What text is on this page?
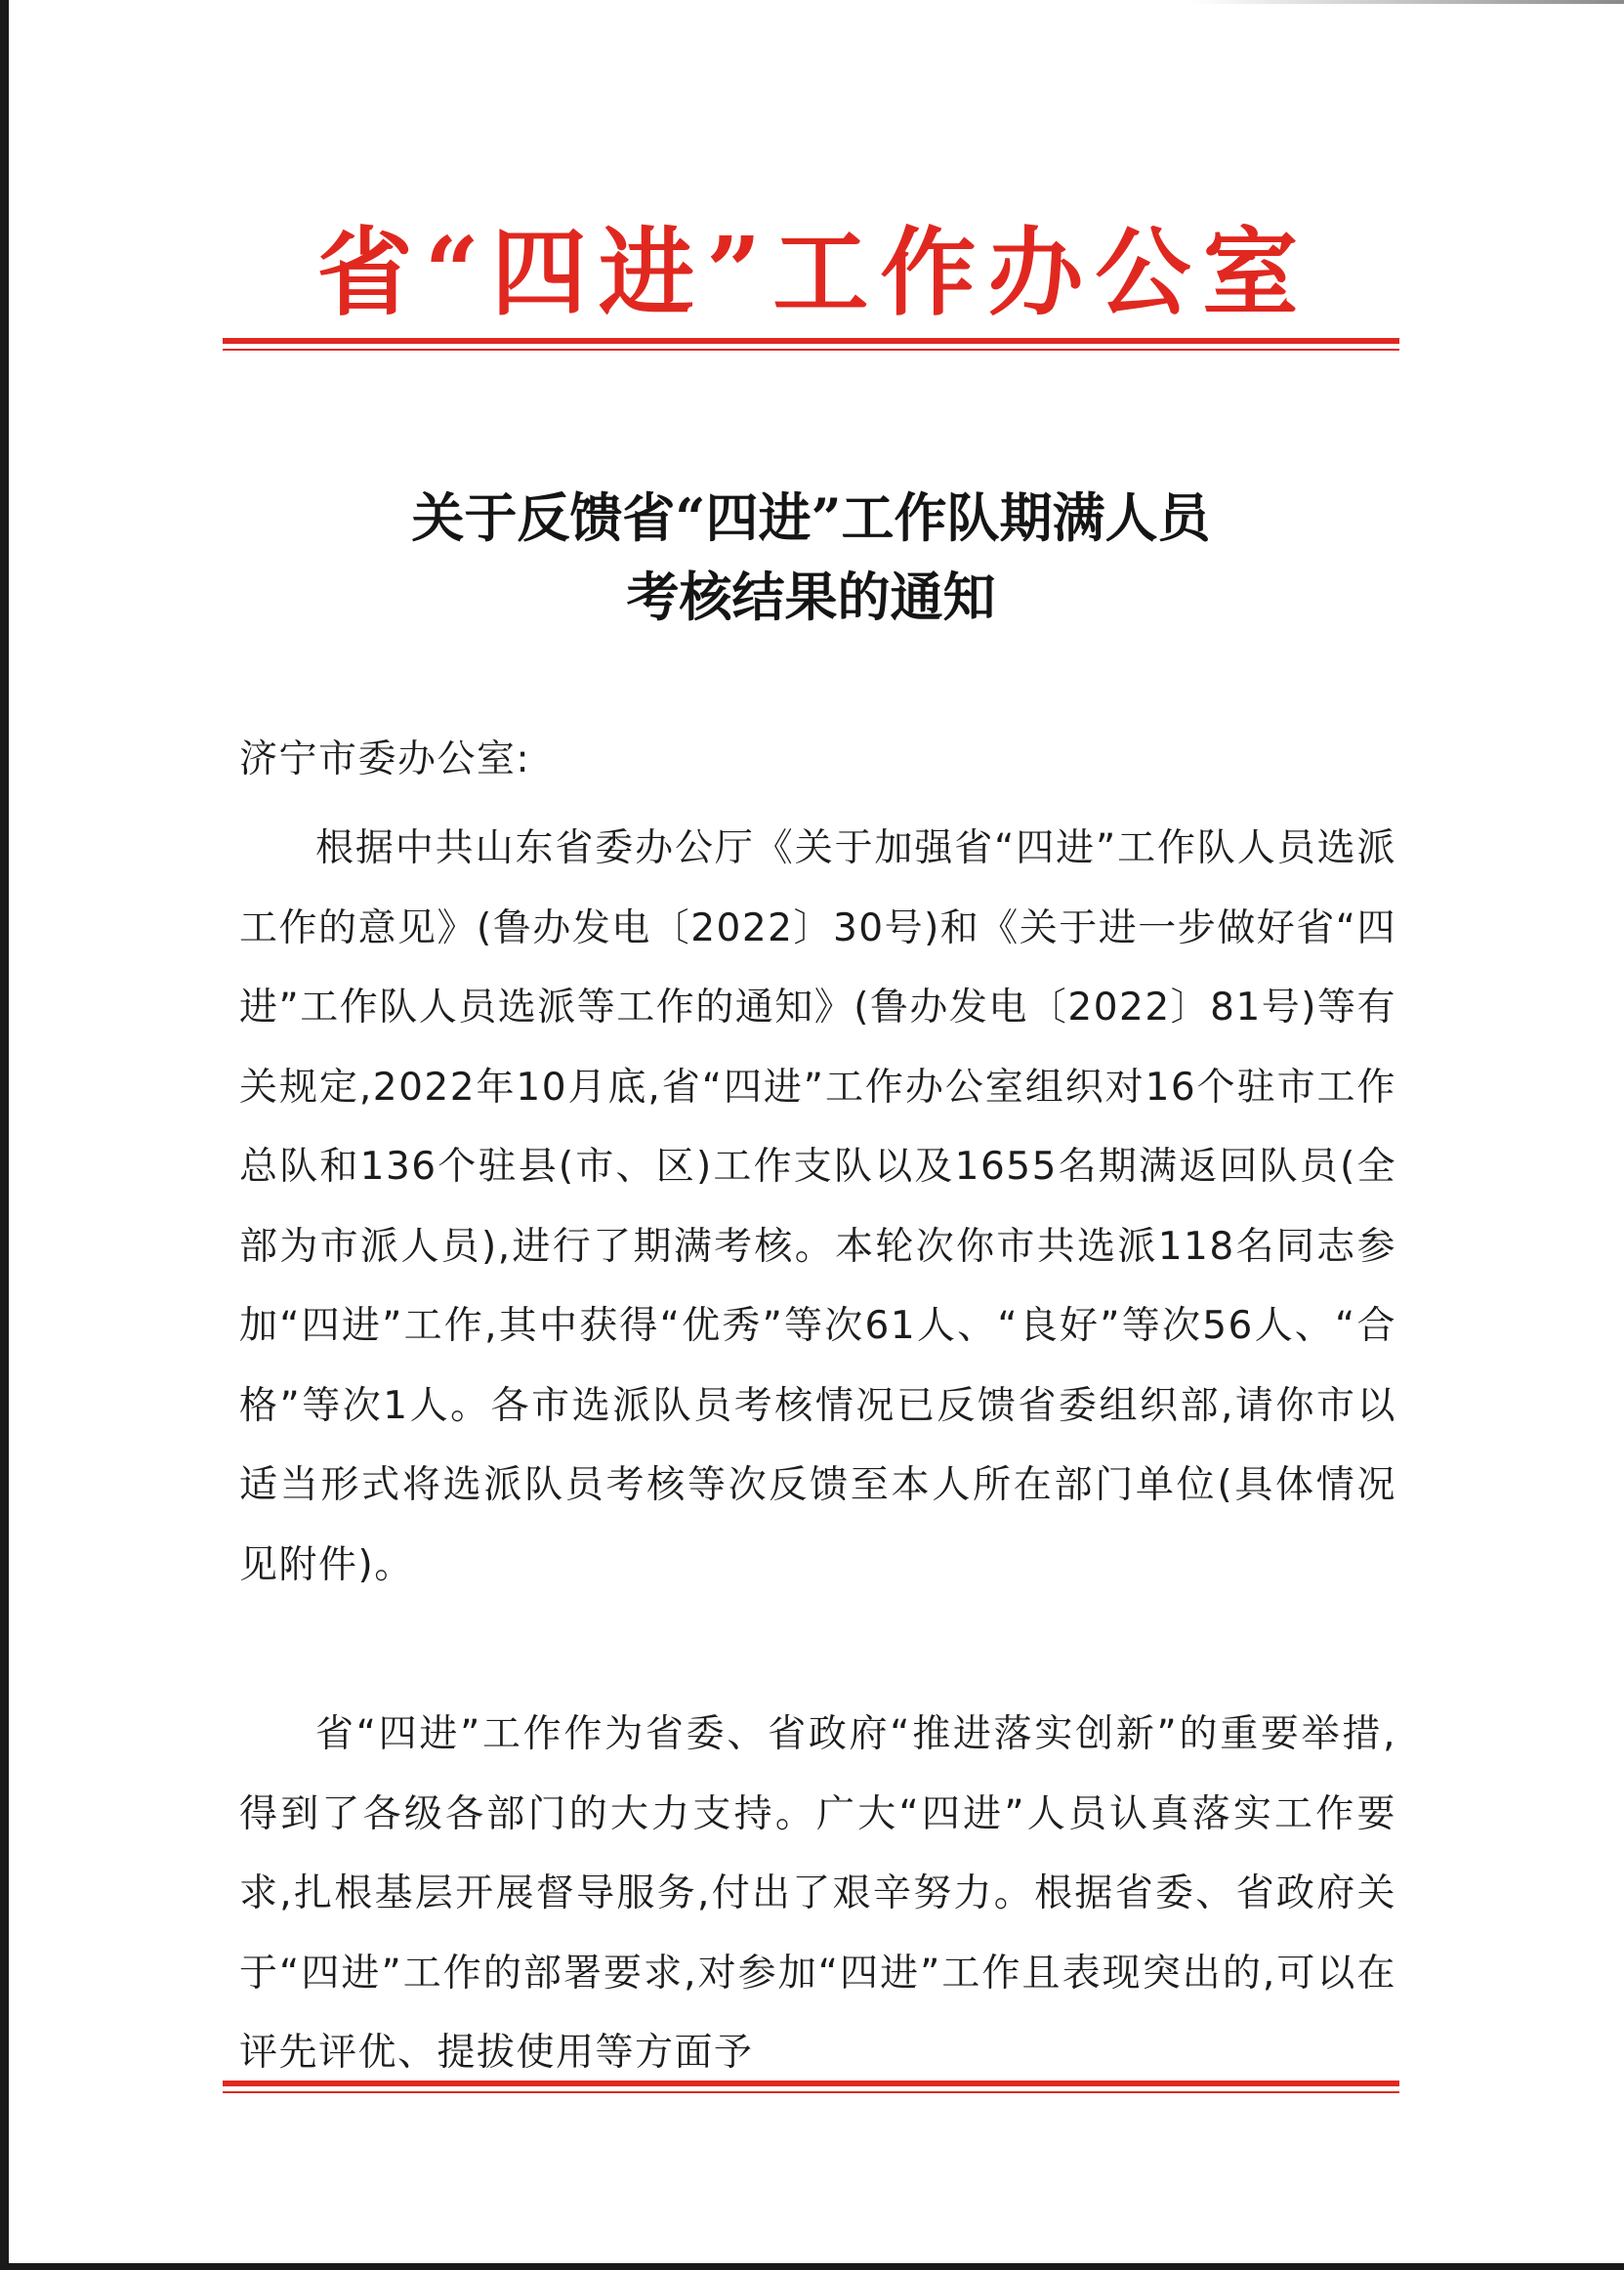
省“四进”工作办公室
关于反馈省“四进”工作队期满人员
考核结果的通知
济宁市委办公室:

根据中共山东省委办公厅《关于加强省“四进”工作队人员选派工作的意见》(鲁办发电〔2022〕30号)和《关于进一步做好省“四进”工作队人员选派等工作的通知》(鲁办发电〔2022〕81号)等有关规定,2022年10月底,省“四进”工作办公室组织对16个驻市工作总队和136个驻县(市、区)工作支队以及1655名期满返回队员(全部为市派人员),进行了期满考核。本轮次你市共选派118名同志参加“四进”工作,其中获得“优秀”等次61人、“良好”等次56人、“合格”等次1人。各市选派队员考核情况已反馈省委组织部,请你市以适当形式将选派队员考核等次反馈至本人所在部门单位(具体情况见附件)。

省“四进”工作作为省委、省政府“推进落实创新”的重要举措,得到了各级各部门的大力支持。广大“四进”人员认真落实工作要求,扎根基层开展督导服务,付出了艰辛努力。根据省委、省政府关于“四进”工作的部署要求,对参加“四进”工作且表现突出的,可以在评先评优、提拔使用等方面予
